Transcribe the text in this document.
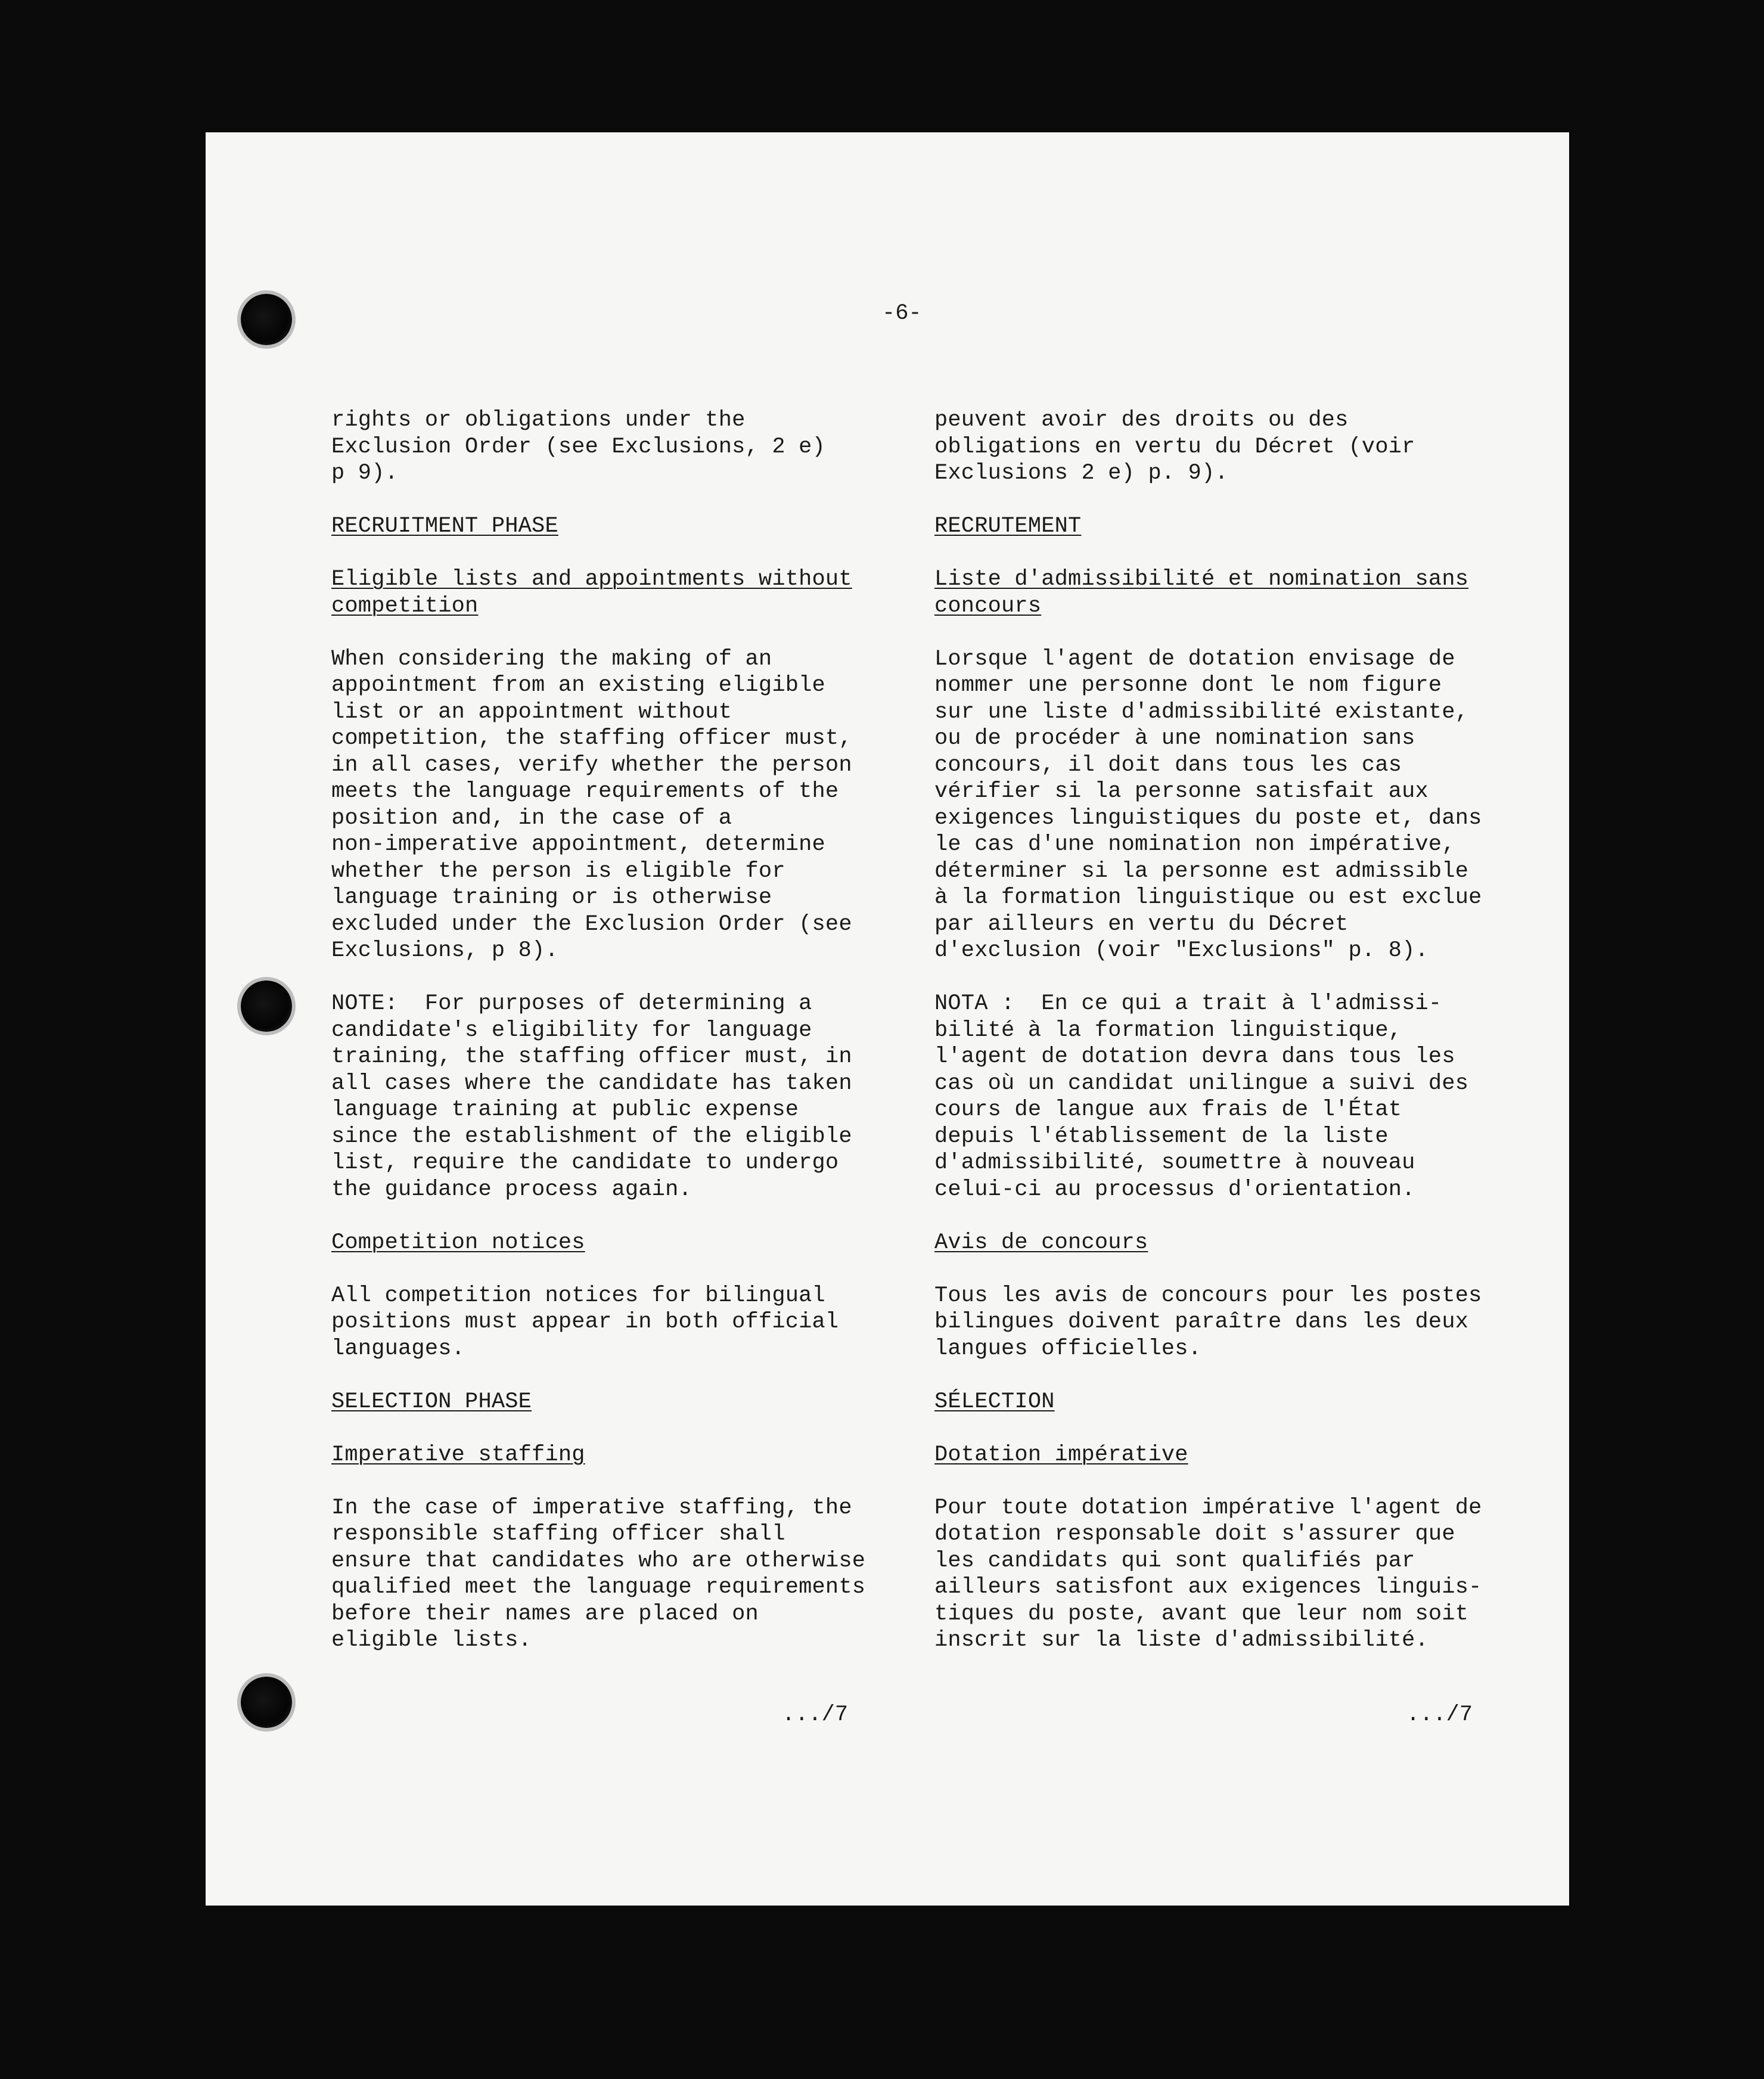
-6-
rights or obligations under the
Exclusion Order (see Exclusions, 2 e)
p 9).
RECRUITMENT PHASE
Eligible lists and appointments without
competition
When considering the making of an
appointment from an existing eligible
list or an appointment without
competition, the staffing officer must,
in all cases, verify whether the person
meets the language requirements of the
position and, in the case of a
non-imperative appointment, determine
whether the person is eligible for
language training or is otherwise
excluded under the Exclusion Order (see
Exclusions, p 8).
NOTE:  For purposes of determining a
candidate's eligibility for language
training, the staffing officer must, in
all cases where the candidate has taken
language training at public expense
since the establishment of the eligible
list, require the candidate to undergo
the guidance process again.
Competition notices
All competition notices for bilingual
positions must appear in both official
languages.
SELECTION PHASE
Imperative staffing
In the case of imperative staffing, the
responsible staffing officer shall
ensure that candidates who are otherwise
qualified meet the language requirements
before their names are placed on
eligible lists.
peuvent avoir des droits ou des
obligations en vertu du Décret (voir
Exclusions 2 e) p. 9).
RECRUTEMENT
Liste d'admissibilité et nomination sans
concours
Lorsque l'agent de dotation envisage de
nommer une personne dont le nom figure
sur une liste d'admissibilité existante,
ou de procéder à une nomination sans
concours, il doit dans tous les cas
vérifier si la personne satisfait aux
exigences linguistiques du poste et, dans
le cas d'une nomination non impérative,
déterminer si la personne est admissible
à la formation linguistique ou est exclue
par ailleurs en vertu du Décret
d'exclusion (voir "Exclusions" p. 8).
NOTA :  En ce qui a trait à l'admissi-
bilité à la formation linguistique,
l'agent de dotation devra dans tous les
cas où un candidat unilingue a suivi des
cours de langue aux frais de l'État
depuis l'établissement de la liste
d'admissibilité, soumettre à nouveau
celui-ci au processus d'orientation.
Avis de concours
Tous les avis de concours pour les postes
bilingues doivent paraître dans les deux
langues officielles.
SÉLECTION
Dotation impérative
Pour toute dotation impérative l'agent de
dotation responsable doit s'assurer que
les candidats qui sont qualifiés par
ailleurs satisfont aux exigences linguis-
tiques du poste, avant que leur nom soit
inscrit sur la liste d'admissibilité.
.../7	.../7
